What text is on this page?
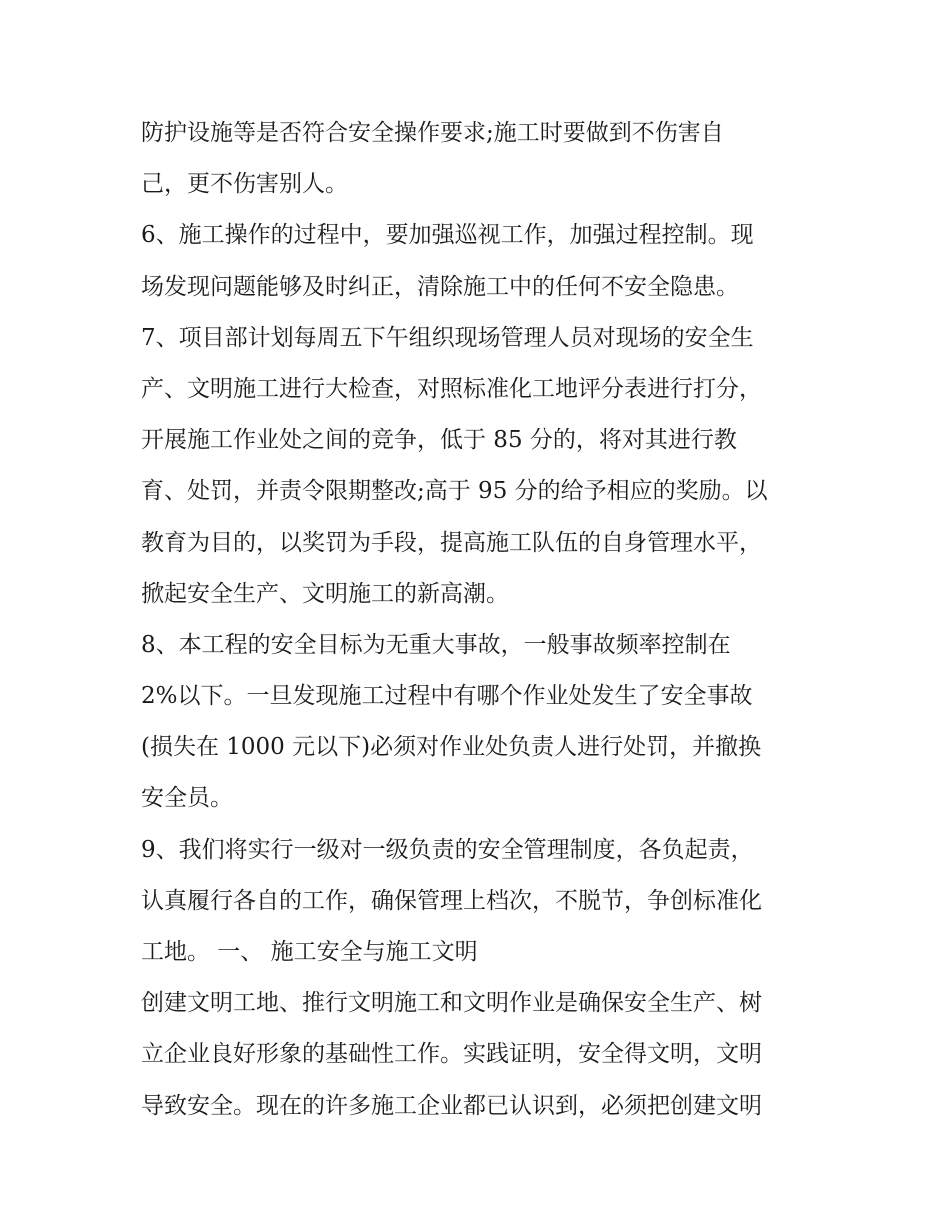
防护设施等是否符合安全操作要求;施工时要做到不伤害自
己，更不伤害别人。
6、施工操作的过程中，要加强巡视工作，加强过程控制。现
场发现问题能够及时纠正，清除施工中的任何不安全隐患。
7、项目部计划每周五下午组织现场管理人员对现场的安全生
产、文明施工进行大检查，对照标准化工地评分表进行打分，
开展施工作业处之间的竞争，低于 85 分的，将对其进行教
育、处罚，并责令限期整改;高于 95 分的给予相应的奖励。以
教育为目的，以奖罚为手段，提高施工队伍的自身管理水平，
掀起安全生产、文明施工的新高潮。
8、本工程的安全目标为无重大事故，一般事故频率控制在
2%以下。一旦发现施工过程中有哪个作业处发生了安全事故
(损失在 1000 元以下)必须对作业处负责人进行处罚，并撤换
安全员。
9、我们将实行一级对一级负责的安全管理制度，各负起责，
认真履行各自的工作，确保管理上档次，不脱节，争创标准化
工地。 一、 施工安全与施工文明
创建文明工地、推行文明施工和文明作业是确保安全生产、树
立企业良好形象的基础性工作。实践证明，安全得文明，文明
导致安全。现在的许多施工企业都已认识到，必须把创建文明
